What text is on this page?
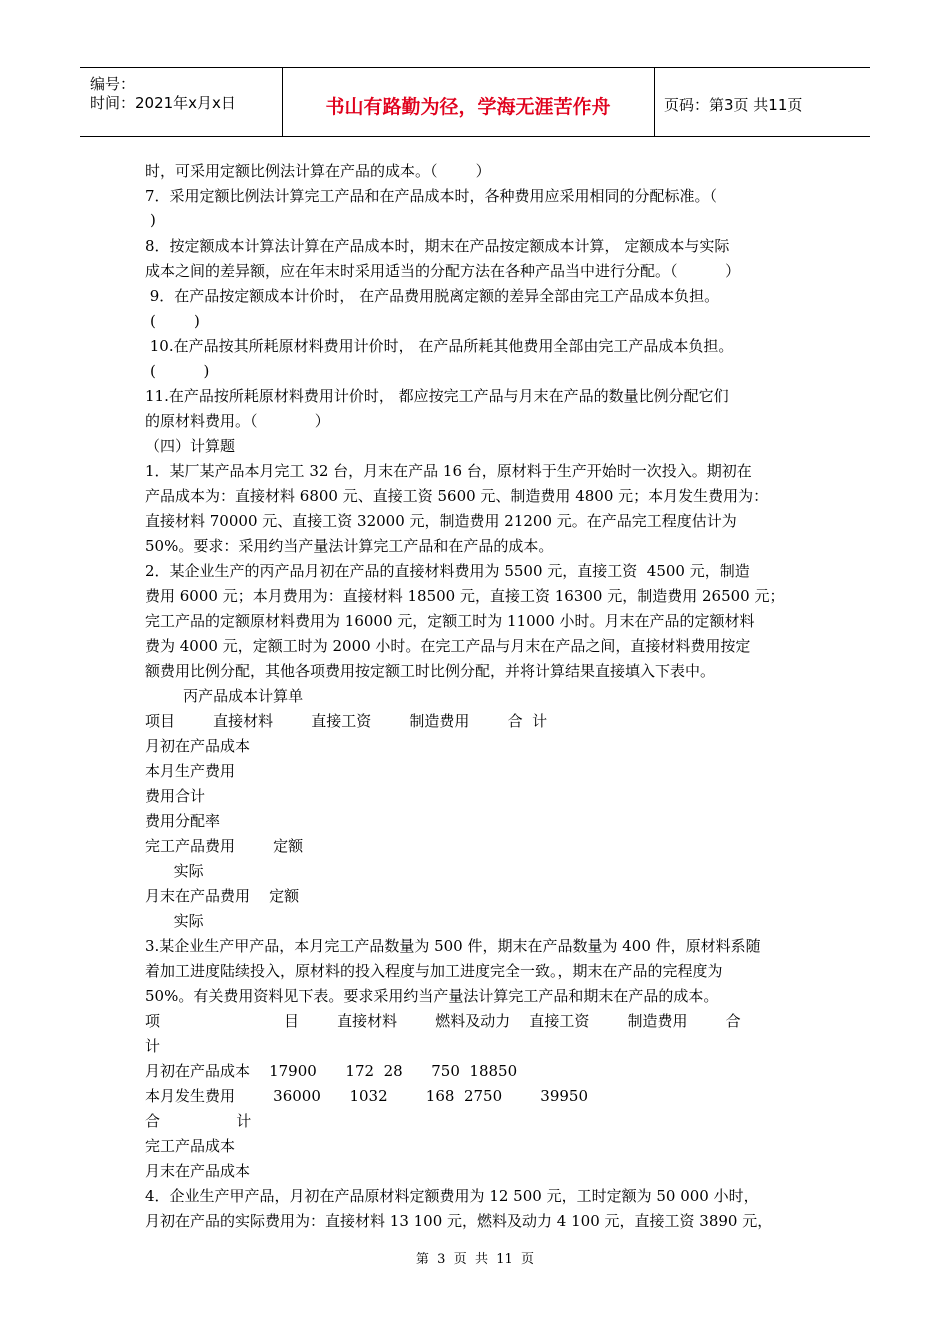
编号：
时间：2021年x月x日	书山有路勤为径，学海无涯苦作舟	页码：第3页 共11页
时，可采用定额比例法计算在产品的成本。（        ）
7．采用定额比例法计算完工产品和在产品成本时，各种费用应采用相同的分配标准。（
)
8．按定额成本计算法计算在产品成本时，期末在产品按定额成本计算， 定额成本与实际
成本之间的差异额，应在年末时采用适当的分配方法在各种产品当中进行分配。（          ）
9．在产品按定额成本计价时， 在产品费用脱离定额的差异全部由完工产品成本负担。
(        )
10.在产品按其所耗原材料费用计价时， 在产品所耗其他费用全部由完工产品成本负担。
(          )
11.在产品按所耗原材料费用计价时， 都应按完工产品与月末在产品的数量比例分配它们
的原材料费用。（            ）
（四）计算题
1．某厂某产品本月完工 32 台，月末在产品 16 台，原材料于生产开始时一次投入。期初在
产品成本为：直接材料 6800 元、直接工资 5600 元、制造费用 4800 元；本月发生费用为：
直接材料 70000 元、直接工资 32000 元，制造费用 21200 元。在产品完工程度估计为
50%。要求：采用约当产量法计算完工产品和在产品的成本。
2．某企业生产的丙产品月初在产品的直接材料费用为 5500 元，直接工资  4500 元，制造
费用 6000 元；本月费用为：直接材料 18500 元，直接工资 16300 元，制造费用 26500 元；
完工产品的定额原材料费用为 16000 元，定额工时为 11000 小时。月末在产品的定额材料
费为 4000 元，定额工时为 2000 小时。在完工产品与月末在产品之间，直接材料费用按定
额费用比例分配，其他各项费用按定额工时比例分配，并将计算结果直接填入下表中。
丙产品成本计算单
项目        直接材料        直接工资        制造费用        合  计
月初在产品成本
本月生产费用
费用合计
费用分配率
完工产品费用        定额
实际
月末在产品费用    定额
实际
3.某企业生产甲产品，本月完工产品数量为 500 件，期末在产品数量为 400 件，原材料系随
着加工进度陆续投入，原材料的投入程度与加工进度完全一致。，期末在产品的完程度为
50%。有关费用资料见下表。要求采用约当产量法计算完工产品和期末在产品的成本。
项                          目        直接材料        燃料及动力    直接工资        制造费用        合
计
月初在产品成本    17900      172  28      750  18850
本月发生费用        36000      1032        168  2750        39950
合                计
完工产品成本
月末在产品成本
4．企业生产甲产品，月初在产品原材料定额费用为 12 500 元，工时定额为 50 000 小时，
月初在产品的实际费用为：直接材料 13 100 元，燃料及动力 4 100 元，直接工资 3890 元，
第  3  页  共  11  页
